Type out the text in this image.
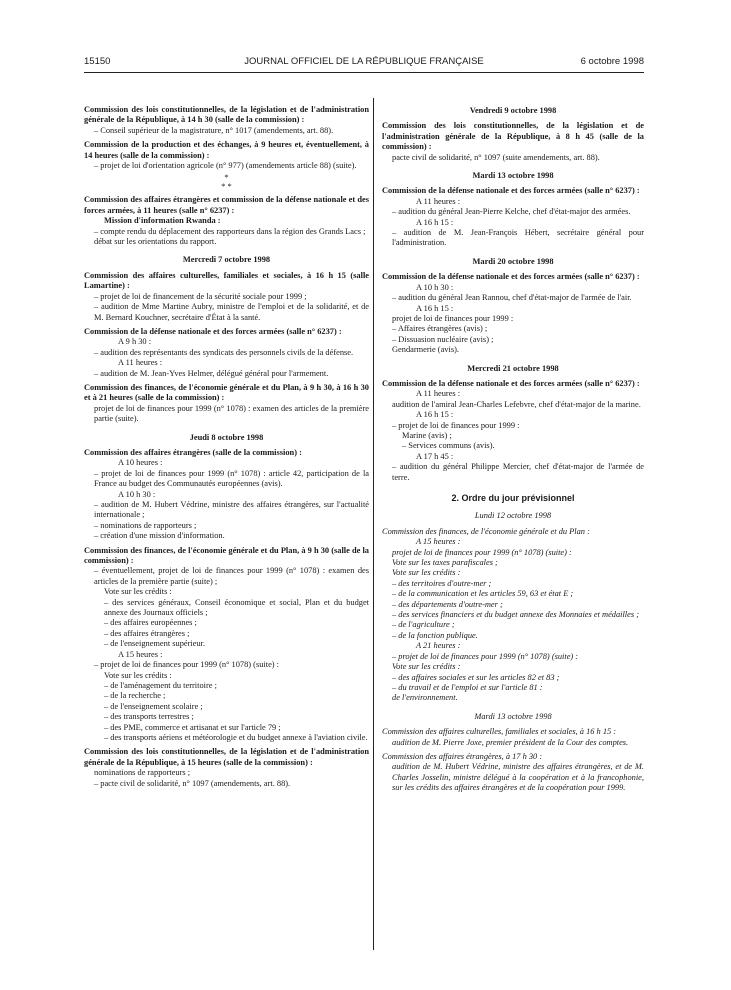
15150	JOURNAL OFFICIEL DE LA RÉPUBLIQUE FRANÇAISE	6 octobre 1998
Commission des lois constitutionnelles, de la législation et de l'administration générale de la République, à 14 h 30 (salle de la commission) :
– Conseil supérieur de la magistrature, n° 1017 (amendements, art. 88).
Commission de la production et des échanges, à 9 heures et, éventuellement, à 14 heures (salle de la commission) :
– projet de loi d'orientation agricole (n° 977) (amendements article 88) (suite).
*
* *
Commission des affaires étrangères et commission de la défense nationale et des forces armées, à 11 heures (salle n° 6237) :
Mission d'information Rwanda :
– compte rendu du déplacement des rapporteurs dans la région des Grands Lacs ;
débat sur les orientations du rapport.
Mercredi 7 octobre 1998
Commission des affaires culturelles, familiales et sociales, à 16 h 15 (salle Lamartine) :
– projet de loi de financement de la sécurité sociale pour 1999 ;
– audition de Mme Martine Aubry, ministre de l'emploi et de la solidarité, et de M. Bernard Kouchner, secrétaire d'État à la santé.
Commission de la défense nationale et des forces armées (salle n° 6237) :
A 9 h 30 :
– audition des représentants des syndicats des personnels civils de la défense.
A 11 heures :
– audition de M. Jean-Yves Helmer, délégué général pour l'armement.
Commission des finances, de l'économie générale et du Plan, à 9 h 30, à 16 h 30 et à 21 heures (salle de la commission) :
projet de loi de finances pour 1999 (n° 1078) : examen des articles de la première partie (suite).
Jeudi 8 octobre 1998
Commission des affaires étrangères (salle de la commission) :
A 10 heures :
– projet de loi de finances pour 1999 (n° 1078) : article 42, participation de la France au budget des Communautés européennes (avis).
A 10 h 30 :
– audition de M. Hubert Védrine, ministre des affaires étrangères, sur l'actualité internationale ;
– nominations de rapporteurs ;
– création d'une mission d'information.
Commission des finances, de l'économie générale et du Plan, à 9 h 30 (salle de la commission) :
– éventuellement, projet de loi de finances pour 1999 (n° 1078) : examen des articles de la première partie (suite) ;
Vote sur les crédits :
– des services généraux, Conseil économique et social, Plan et du budget annexe des Journaux officiels ;
– des affaires européennes ;
– des affaires étrangères ;
– de l'enseignement supérieur.
A 15 heures :
– projet de loi de finances pour 1999 (n° 1078) (suite) :
Vote sur les crédits :
– de l'aménagement du territoire ;
– de la recherche ;
– de l'enseignement scolaire ;
– des transports terrestres ;
– des PME, commerce et artisanat et sur l'article 79 ;
– des transports aériens et météorologie et du budget annexe à l'aviation civile.
Commission des lois constitutionnelles, de la législation et de l'administration générale de la République, à 15 heures (salle de la commission) :
nominations de rapporteurs ;
– pacte civil de solidarité, n° 1097 (amendements, art. 88).
Vendredi 9 octobre 1998
Commission des lois constitutionnelles, de la législation et de l'administration générale de la République, à 8 h 45 (salle de la commission) :
pacte civil de solidarité, n° 1097 (suite amendements, art. 88).
Mardi 13 octobre 1998
Commission de la défense nationale et des forces armées (salle n° 6237) :
A 11 heures :
– audition du général Jean-Pierre Kelche, chef d'état-major des armées.
A 16 h 15 :
– audition de M. Jean-François Hébert, secrétaire général pour l'administration.
Mardi 20 octobre 1998
Commission de la défense nationale et des forces armées (salle n° 6237) :
A 10 h 30 :
– audition du général Jean Rannou, chef d'état-major de l'armée de l'air.
A 16 h 15 :
projet de loi de finances pour 1999 :
– Affaires étrangères (avis) ;
– Dissuasion nucléaire (avis) ;
Gendarmerie (avis).
Mercredi 21 octobre 1998
Commission de la défense nationale et des forces armées (salle n° 6237) :
A 11 heures :
audition de l'amiral Jean-Charles Lefebvre, chef d'état-major de la marine.
A 16 h 15 :
– projet de loi de finances pour 1999 :
Marine (avis) ;
– Services communs (avis).
A 17 h 45 :
– audition du général Philippe Mercier, chef d'état-major de l'armée de terre.
2. Ordre du jour prévisionnel
Lundi 12 octobre 1998
Commission des finances, de l'économie générale et du Plan :
A 15 heures :
projet de loi de finances pour 1999 (n° 1078) (suite) :
Vote sur les taxes parafiscales ;
Vote sur les crédits :
– des territoires d'outre-mer ;
– de la communication et les articles 59, 63 et état E ;
– des départements d'outre-mer ;
– des services financiers et du budget annexe des Monnaies et médailles ;
– de l'agriculture ;
– de la fonction publique.
A 21 heures :
– projet de loi de finances pour 1999 (n° 1078) (suite) :
Vote sur les crédits :
– des affaires sociales et sur les articles 82 et 83 ;
– du travail et de l'emploi et sur l'article 81 :
de l'environnement.
Mardi 13 octobre 1998
Commission des affaires culturelles, familiales et sociales, à 16 h 15 :
audition de M. Pierre Joxe, premier président de la Cour des comptes.
Commission des affaires étrangères, à 17 h 30 :
audition de M. Hubert Védrine, ministre des affaires étrangères, et de M. Charles Josselin, ministre délégué à la coopération et à la francophonie, sur les crédits des affaires étrangères et de la coopération pour 1999.
